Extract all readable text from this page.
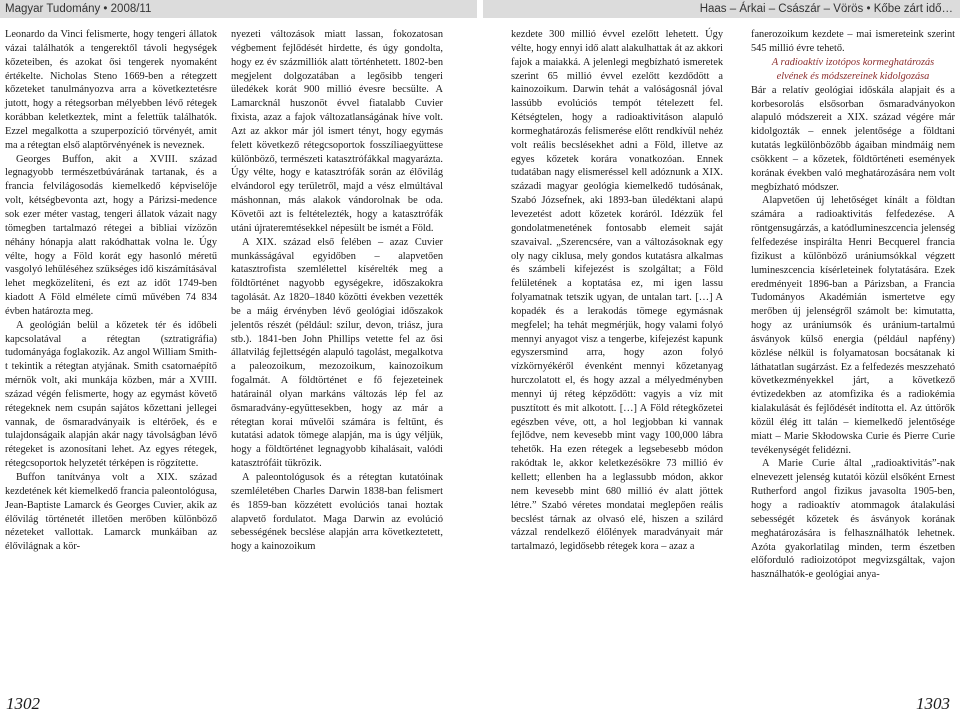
Magyar Tudomány • 2008/11	Haas – Árkai – Császár – Vörös • Kőbe zárt idő…

Leonardo da Vinci felismerte, hogy tengeri állatok vázai találhatók a tengerektől távoli hegységek kőzeteiben, és azokat ősi tengerek nyomaként értékelte. Nicholas Steno 1669-ben a rétegzett kőzeteket tanulmányozva arra a következtetésre jutott, hogy a rétegsorban mélyebben lévő rétegek korábban keletkeztek, mint a felettük találhatók. Ezzel megalkotta a szuperpozíció törvényét, amit ma a rétegtan első alaptörvényének is neveznek.

Georges Buffon, akit a XVIII. század legnagyobb természetbúvárának tartanak, és a francia felvilágosodás kiemelkedő képviselője volt, kétségbevonta azt, hogy a Párizsi-medence sok ezer méter vastag, tengeri állatok vázait nagy tömegben tartalmazó rétegei a bibliai vízözön néhány hónapja alatt rakódhattak volna le. Úgy vélte, hogy a Föld korát egy hasonló méretű vasgolyó lehűléséhez szükséges idő kiszámításával lehet megközelíteni, és ezt az időt 1749-ben kiadott A Föld elmélete című művében 74 834 évben határozta meg.

A geológián belül a kőzetek tér és időbeli kapcsolatával a rétegtan (sztratigráfia) tudományága foglakozik. Az angol William Smith-t tekintik a rétegtan atyjának. Smith csatornaépítő mérnök volt, aki munkája közben, már a XVIII. század végén felismerte, hogy az egymást követő rétegeknek nem csupán sajátos kőzettani jellegei vannak, de ősmaradványaik is eltérőek, és e tulajdonságaik alapján akár nagy távolságban lévő rétegeket is azonosítani lehet. Az egyes rétegek, rétegcsoportok helyzetét térképen is rögzítette.

Buffon tanítványa volt a XIX. század kezdetének két kiemelkedő francia paleontológusa, Jean-Baptiste Lamarck és Georges Cuvier, akik az élővilág történetét illetően merőben különböző nézeteket vallottak. Lamarck munkáiban az élővilágnak a kör-

nyezeti változások miatt lassan, fokozatosan végbement fejlődését hirdette, és úgy gondolta, hogy ez év százmilliók alatt történhetett. 1802-ben megjelent dolgozatában a legősibb tengeri üledékek korát 900 millió évesre becsülte. A Lamarcknál huszonöt évvel fiatalabb Cuvier fixista, azaz a fajok változatlanságának híve volt. Azt az akkor már jól ismert tényt, hogy egymás felett következő rétegcsoportok fosszíliaegyüttese különböző, természeti katasztrófákkal magyarázta. Úgy vélte, hogy e katasztrófák során az élővilág elvándorol egy területről, majd a vész elmúltával máshonnan, más alakok vándorolnak be oda. Követői azt is feltételezték, hogy a katasztrófák utáni újrateremtésekkel népesült be ismét a Föld.

A XIX. század első felében – azaz Cuvier munkásságával egyidőben – alapvetően katasztrofista szemlélettel kísérelték meg a földtörténet nagyobb egységekre, időszakokra tagolását. Az 1820–1840 közötti években vezették be a máig érvényben lévő geológiai időszakok jelentős részét (például: szilur, devon, triász, jura stb.). 1841-ben John Phillips vetette fel az ősi állatvilág fejlettségén alapuló tagolást, megalkotva a paleozoikum, mezozoikum, kainozoikum fogalmát. A földtörténet e fő fejezeteinek határainál olyan markáns változás lép fel az ősmaradvány-együttesekben, hogy az már a rétegtan korai művelői számára is feltűnt, és kutatási adatok tömege alapján, ma is úgy véljük, hogy a földtörténet legnagyobb kihalásait, valódi katasztrófáit tükrözik.

A paleontológusok és a rétegtan kutatóinak szemléletében Charles Darwin 1838-ban felismert és 1859-ban közzétett evolúciós tanai hoztak alapvető fordulatot. Maga Darwin az evolúció sebességének becslése alapján arra következtetett, hogy a kainozoikum

kezdete 300 millió évvel ezelőtt lehetett. Úgy vélte, hogy ennyi idő alatt alakulhattak át az akkori fajok a maiakká. A jelenlegi megbízható ismeretek szerint 65 millió évvel ezelőtt kezdődött a kainozoikum. Darwin tehát a valóságosnál jóval lassúbb evolúciós tempót tételezett fel. Kétségtelen, hogy a radioaktivitáson alapuló kormeghatározás felismerése előtt rendkívül nehéz volt reális becslésekhet adni a Föld, illetve az egyes kőzetek korára vonatkozóan. Ennek tudatában nagy elismeréssel kell adóznunk a XIX. századi magyar geológia kiemelkedő tudósának, Szabó Józsefnek, aki 1893-ban üledéktani alapú levezetést adott kőzetek koráról. Idézzük fel gondolatmenetének fontosabb elemeit saját szavaival. „Szerencsére, van a változásoknak egy oly nagy ciklusa, mely gondos kutatásra alkalmas és számbeli kifejezést is szolgáltat; a Föld felületének a koptatása ez, mi igen lassu folyamatnak tetszik ugyan, de untalan tart. […] A kopadék és a lerakodás tömege egymásnak megfelel; ha tehát megmérjük, hogy valami folyó mennyi anyagot visz a tengerbe, kifejezést kapunk egyszersmind arra, hogy azon folyó vízkörnyékéről évenként mennyi kőzetanyag hurczolatott el, és hogy azzal a mélyedményben mennyi új réteg képződött: vagyis a víz mit pusztított és mit alkotott. […] A Föld rétegkőzetei egészben véve, ott, a hol legjobban ki vannak fejlődve, nem kevesebb mint vagy 100,000 lábra tehetők. Ha ezen rétegek a legsebesebb módon rakódtak le, akkor keletkezésökre 73 millió év kellett; ellenben ha a leglassubb módon, akkor nem kevesebb mint 680 millió év alatt jöttek létre.” Szabó véretes mondatai meglepően reális becslést tárnak az olvasó elé, hiszen a szilárd vázzal rendelkező élőlények maradványait már tartalmazó, legidősebb rétegek kora – azaz a

fanerozoikum kezdete – mai ismereteink szerint 545 millió évre tehető.

A radioaktív izotópos kormeghatározás
elvének és módszereinek kidolgozása

Bár a relatív geológiai időskála alapjait és a korbesorolás elsősorban ősmaradványokon alapuló módszereit a XIX. század végére már kidolgozták – ennek jelentősége a földtani kutatás legkülönbözőbb ágaiban mindmáig nem csökkent – a kőzetek, földtörténeti események korának években való meghatározására nem volt megbízható módszer.

Alapvetően új lehetőséget kínált a földtan számára a radioaktivitás felfedezése. A röntgensugárzás, a katódlumineszcencia jelenség felfedezése inspirálta Henri Becquerel francia fizikust a különböző urániumsókkal végzett lumineszcencia kísérleteinek folytatására. Ezek eredményeit 1896-ban a Párizsban, a Francia Tudományos Akadémián ismertetve egy merőben új jelenségről számolt be: kimutatta, hogy az urániumsók és uránium-tartalmú ásványok külső energia (például napfény) közlése nélkül is folyamatosan bocsátanak ki láthatatlan sugárzást. Ez a felfedezés meszzeható következményekkel járt, a következő évtizedekben az atomfizika és a radiokémia kialakulását és fejlődését indította el. Az úttörők közül élég itt talán – kiemelkedő jelentősége miatt – Marie Skłodowska Curie és Pierre Curie tevékenységét felidézni.

A Marie Curie által „radioaktivitás”-nak elnevezett jelenség kutatói közül elsőként Ernest Rutherford angol fizikus javasolta 1905-ben, hogy a radioaktív atommagok átalakulási sebességét kőzetek és ásványok korának meghatározására is felhasználhatók lehetnek. Azóta gyakorlatilag minden, term észetben előforduló radioizotópot megvizsgáltak, vajon használhatók-e geológiai anya-

1302	1303
